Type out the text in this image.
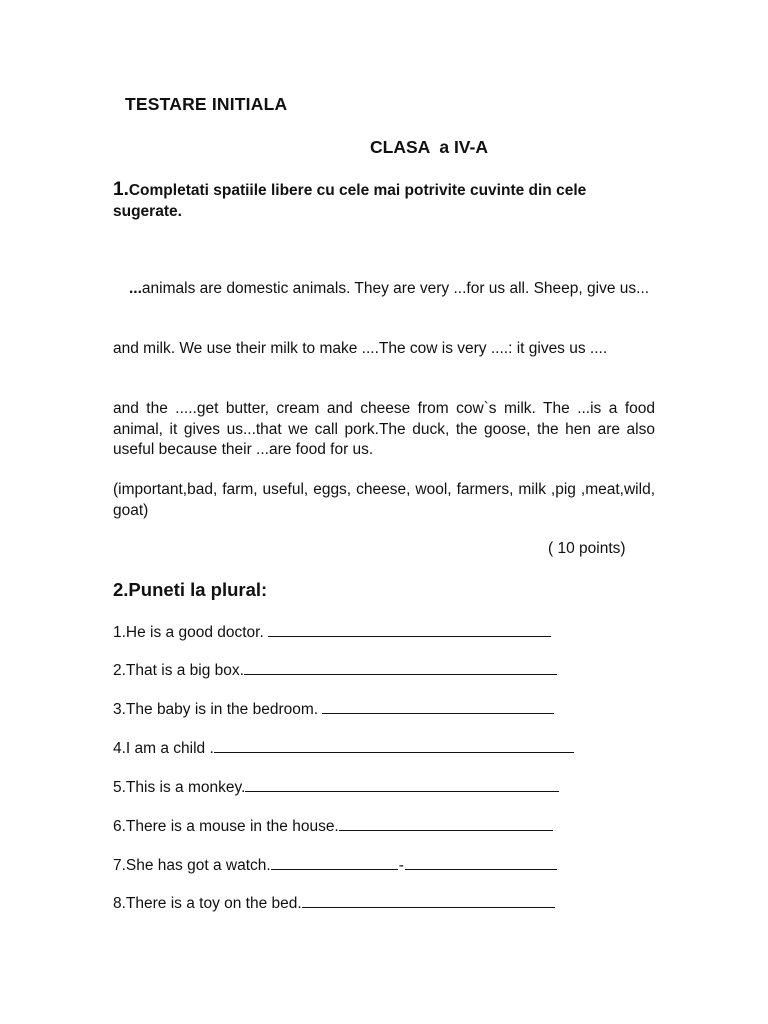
TESTARE INITIALA
CLASA  a IV-A
1.Completati spatiile libere cu cele mai potrivite cuvinte din cele sugerate.
...animals are domestic animals. They are very ...for us all. Sheep, give us...
and milk. We use their milk to make ....The cow is very ....: it gives us ....
and the .....get butter, cream and cheese from cow`s milk. The ...is a food animal, it gives us...that we call pork.The duck, the goose, the hen are also useful because their ...are food for us.
(important,bad, farm, useful, eggs, cheese, wool, farmers, milk ,pig ,meat,wild, goat)
( 10 points)
2.Puneti la plural:
1.He is a good doctor.
2.That is a big box.
3.The baby is in the bedroom.
4.I am a child .
5.This is a monkey.
6.There is a mouse in the house.
7.She has got a watch.	-
8.There is a toy on the bed.
